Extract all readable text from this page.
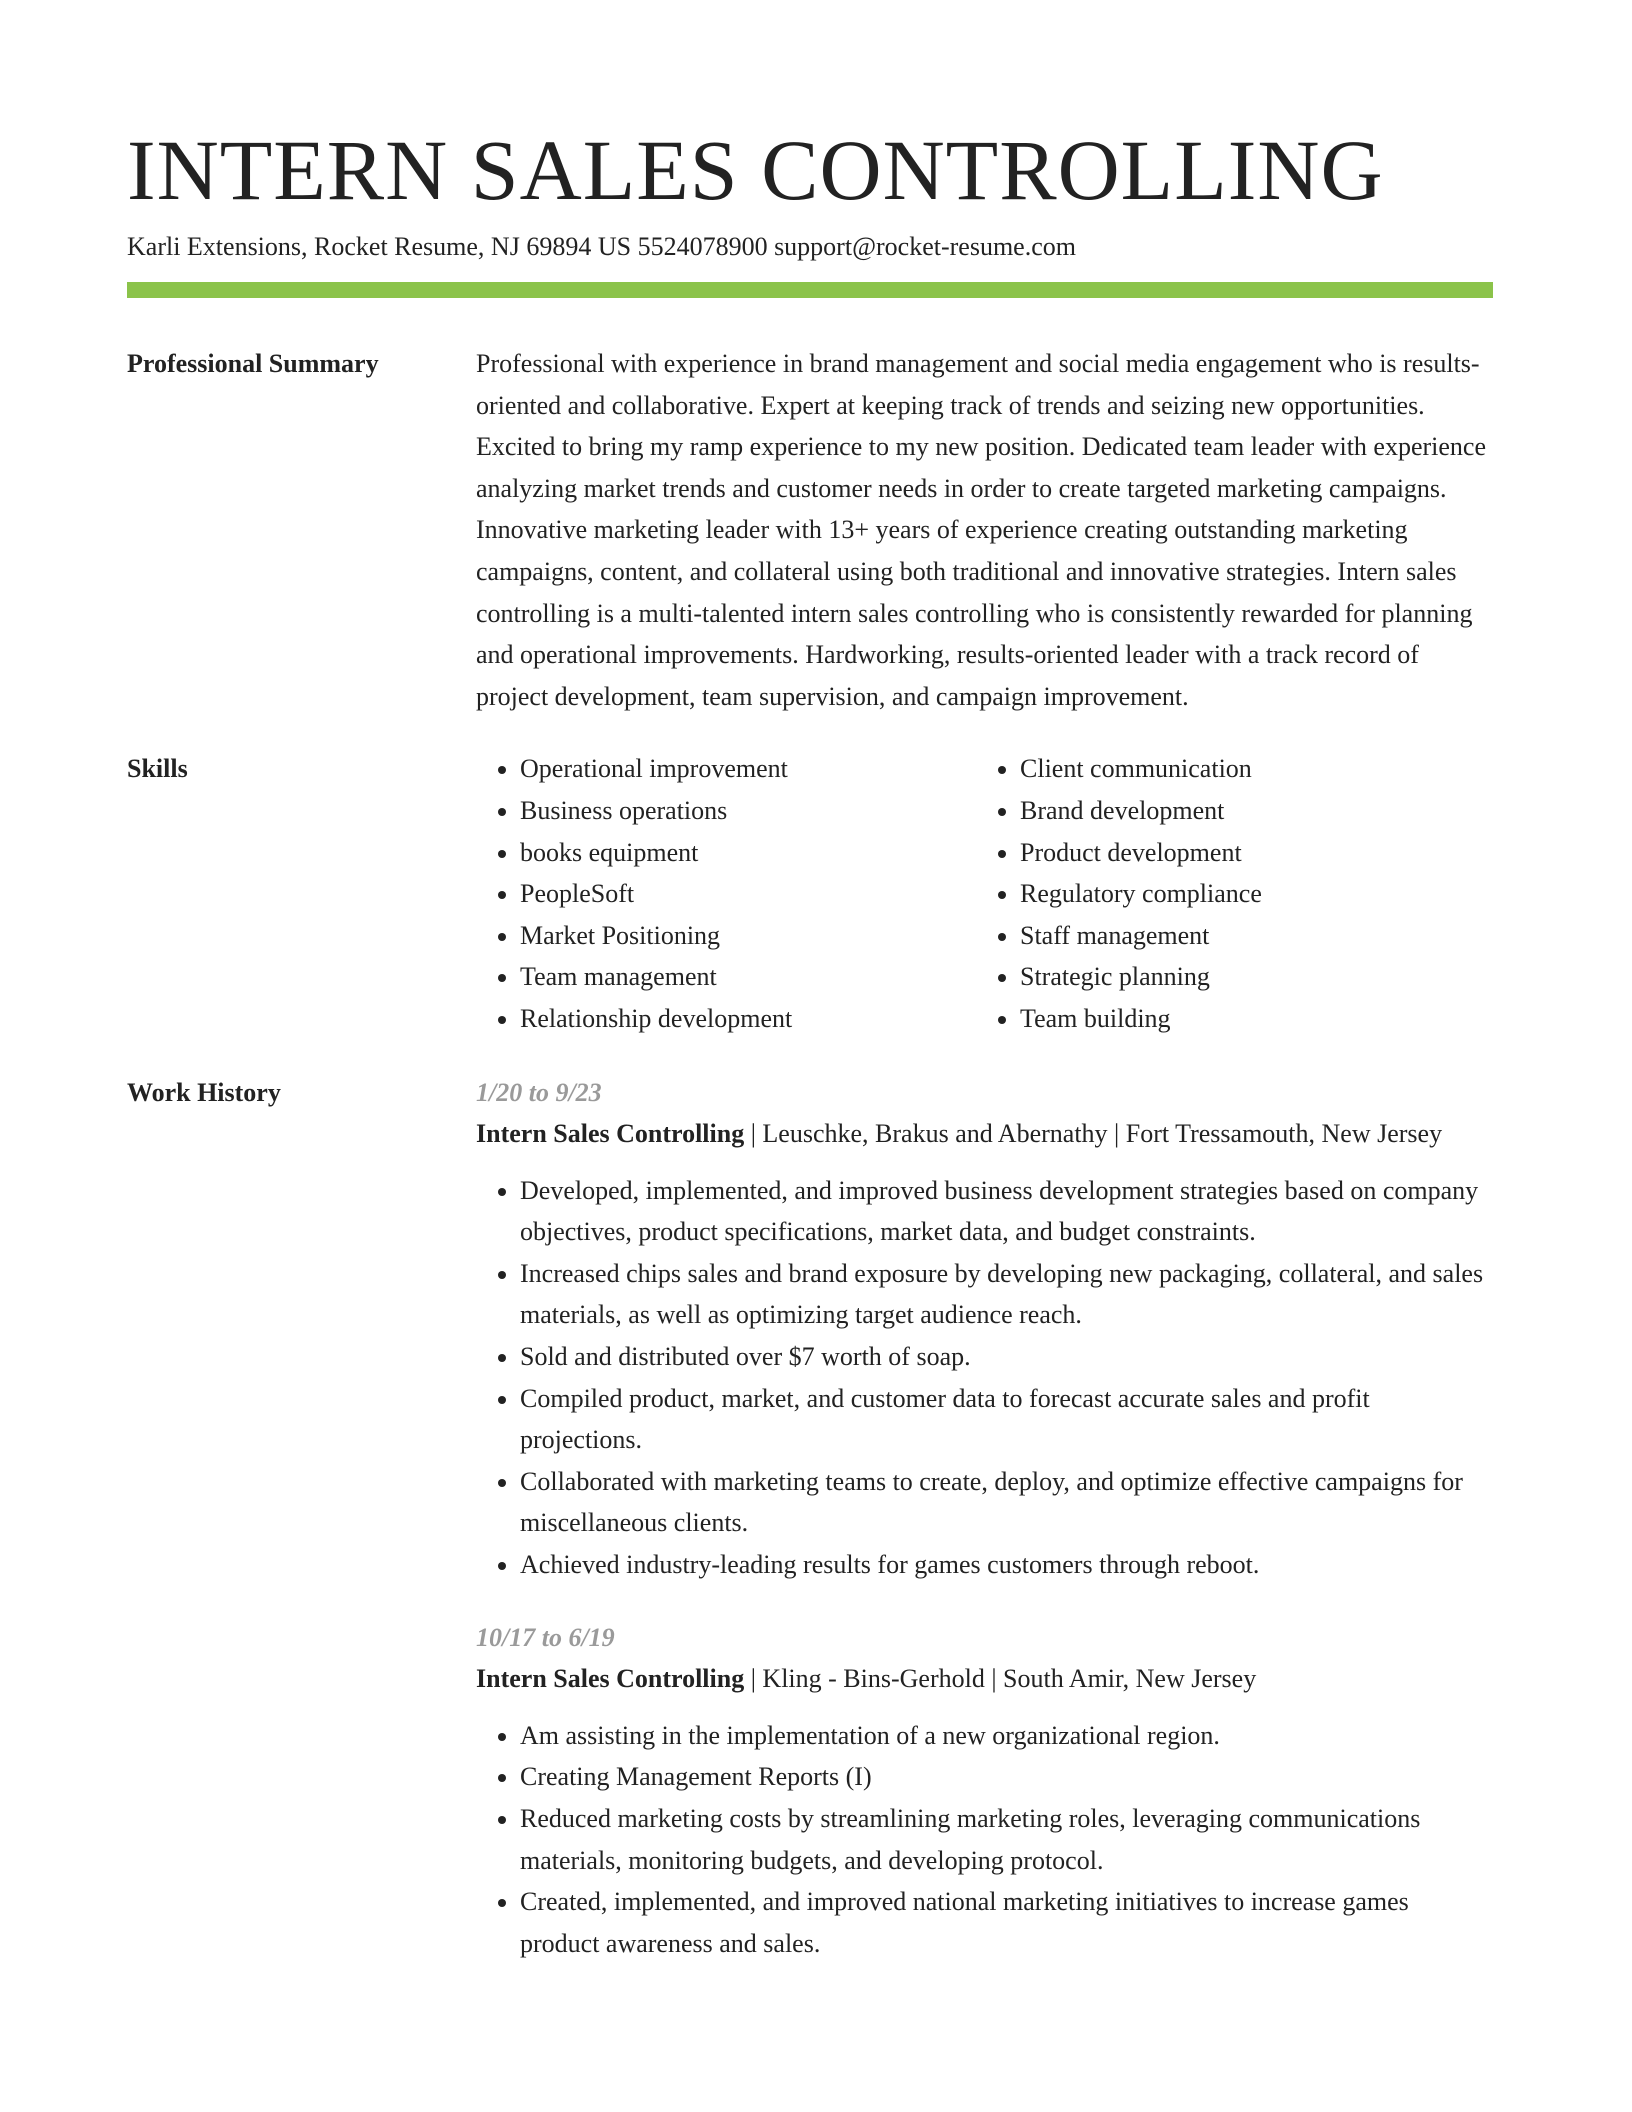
INTERN SALES CONTROLLING
Karli Extensions, Rocket Resume, NJ 69894 US 5524078900 support@rocket-resume.com
Professional Summary	Professional with experience in brand management and social media engagement who is results-oriented and collaborative. Expert at keeping track of trends and seizing new opportunities. Excited to bring my ramp experience to my new position. Dedicated team leader with experience analyzing market trends and customer needs in order to create targeted marketing campaigns. Innovative marketing leader with 13+ years of experience creating outstanding marketing campaigns, content, and collateral using both traditional and innovative strategies. Intern sales controlling is a multi-talented intern sales controlling who is consistently rewarded for planning and operational improvements. Hardworking, results-oriented leader with a track record of project development, team supervision, and campaign improvement.
Skills
•	Operational improvement
• Business operations
• books equipment
• PeopleSoft
• Market Positioning
• Team management
• Relationship development
• Client communication
• Brand development
• Product development
• Regulatory compliance
• Staff management
• Strategic planning
• Team building
Work History	1/20 to 9/23
Intern Sales Controlling | Leuschke, Brakus and Abernathy | Fort Tressamouth, New Jersey
• Developed, implemented, and improved business development strategies based on company objectives, product specifications, market data, and budget constraints.
• Increased chips sales and brand exposure by developing new packaging, collateral, and sales materials, as well as optimizing target audience reach.
• Sold and distributed over $7 worth of soap.
• Compiled product, market, and customer data to forecast accurate sales and profit projections.
• Collaborated with marketing teams to create, deploy, and optimize effective campaigns for miscellaneous clients.
• Achieved industry-leading results for games customers through reboot.
10/17 to 6/19
Intern Sales Controlling | Kling - Bins-Gerhold | South Amir, New Jersey
• Am assisting in the implementation of a new organizational region.
• Creating Management Reports (I)
• Reduced marketing costs by streamlining marketing roles, leveraging communications materials, monitoring budgets, and developing protocol.
• Created, implemented, and improved national marketing initiatives to increase games product awareness and sales.
